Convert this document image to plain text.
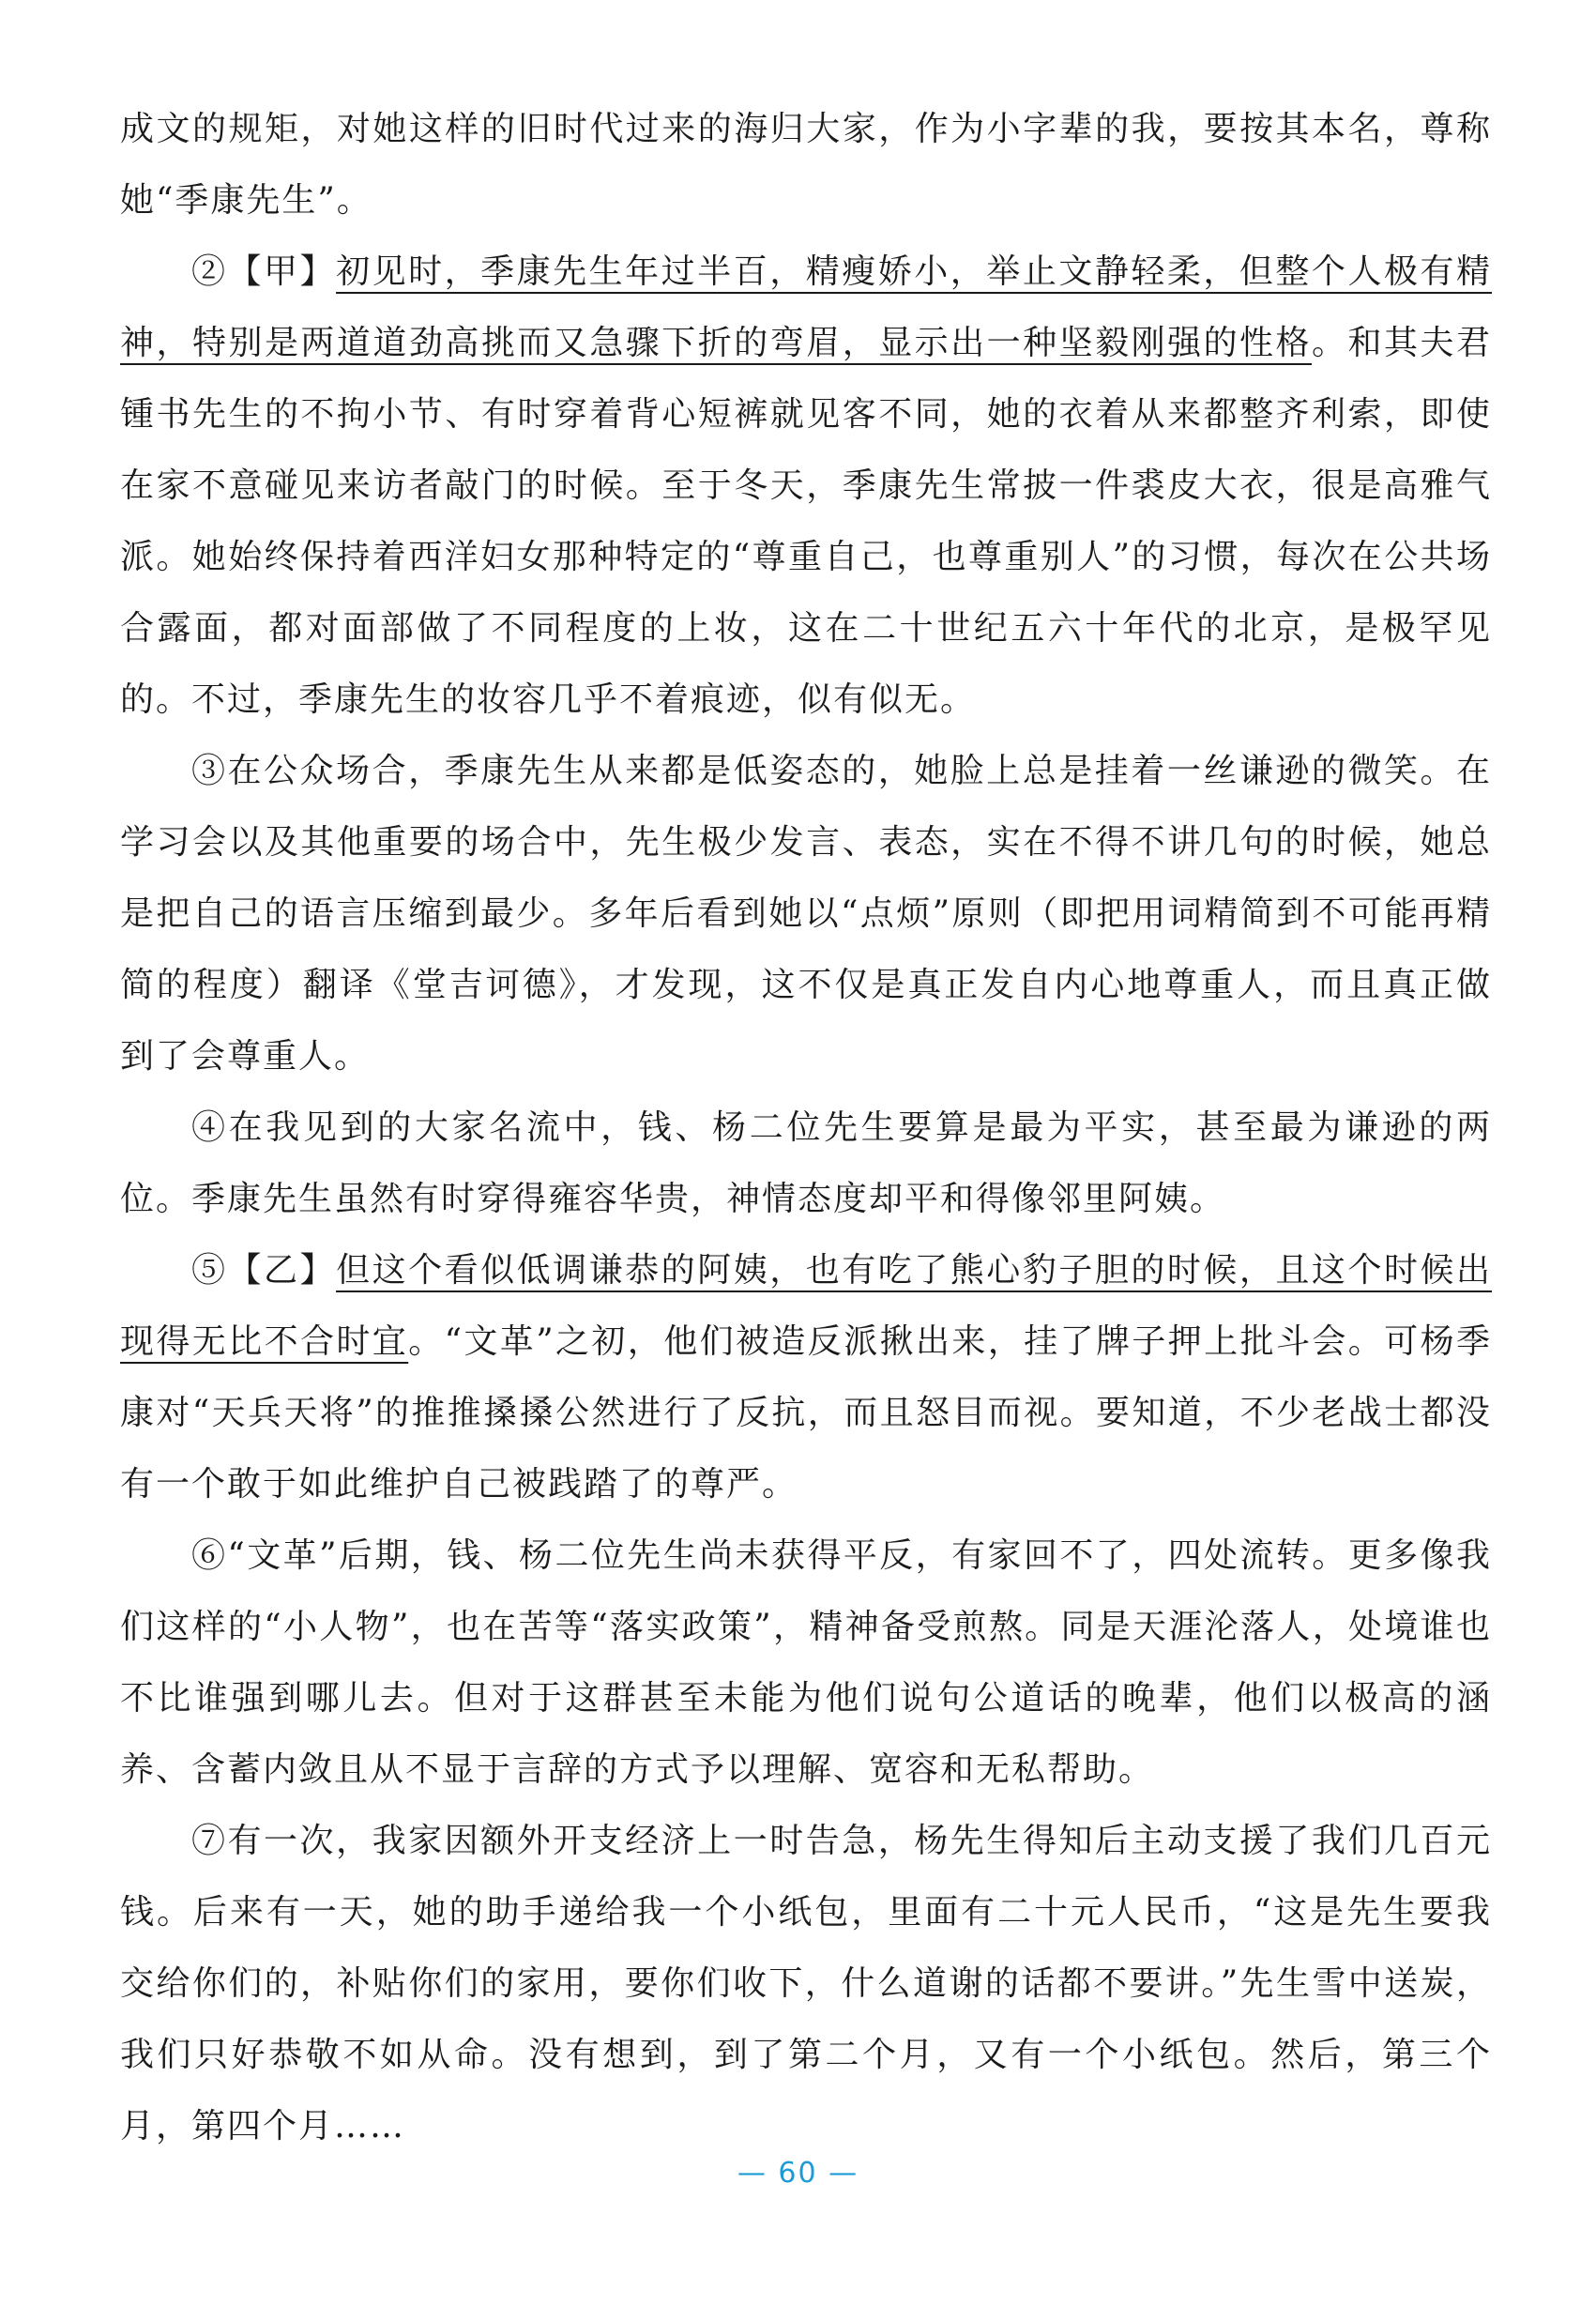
成文的规矩，对她这样的旧时代过来的海归大家，作为小字辈的我，要按其本名，尊称她“季康先生”。

②【甲】初见时，季康先生年过半百，精瘦娇小，举止文静轻柔，但整个人极有精神，特别是两道道劲高挑而又急骤下折的弯眉，显示出一种坚毅刚强的性格。和其夫君锺书先生的不拘小节、有时穿着背心短裤就见客不同，她的衣着从来都整齐利索，即使在家不意碰见来访者敲门的时候。至于冬天，季康先生常披一件裘皮大衣，很是高雅气派。她始终保持着西洋妇女那种特定的“尊重自己，也尊重别人”的习惯，每次在公共场合露面，都对面部做了不同程度的上妆，这在二十世纪五六十年代的北京，是极罕见的。不过，季康先生的妆容几乎不着痕迹，似有似无。

③在公众场合，季康先生从来都是低姿态的，她脸上总是挂着一丝谦逊的微笑。在学习会以及其他重要的场合中，先生极少发言、表态，实在不得不讲几句的时候，她总是把自己的语言压缩到最少。多年后看到她以“点烦”原则（即把用词精简到不可能再精简的程度）翻译《堂吉诃德》，才发现，这不仅是真正发自内心地尊重人，而且真正做到了会尊重人。

④在我见到的大家名流中，钱、杨二位先生要算是最为平实，甚至最为谦逊的两位。季康先生虽然有时穿得雍容华贵，神情态度却平和得像邻里阿姨。

⑤【乙】但这个看似低调谦恭的阿姨，也有吃了熊心豹子胆的时候，且这个时候出现得无比不合时宜。“文革”之初，他们被造反派揪出来，挂了牌子押上批斗会。可杨季康对“天兵天将”的推推搡搡公然进行了反抗，而且怒目而视。要知道，不少老战士都没有一个敢于如此维护自己被践踏了的尊严。

⑥“文革”后期，钱、杨二位先生尚未获得平反，有家回不了，四处流转。更多像我们这样的“小人物”，也在苦等“落实政策”，精神备受煎熬。同是天涯沦落人，处境谁也不比谁强到哪儿去。但对于这群甚至未能为他们说句公道话的晚辈，他们以极高的涵养、含蓄内敛且从不显于言辞的方式予以理解、宽容和无私帮助。

⑦有一次，我家因额外开支经济上一时告急，杨先生得知后主动支援了我们几百元钱。后来有一天，她的助手递给我一个小纸包，里面有二十元人民币，“这是先生要我交给你们的，补贴你们的家用，要你们收下，什么道谢的话都不要讲。”先生雪中送炭，我们只好恭敬不如从命。没有想到，到了第二个月，又有一个小纸包。然后，第三个月，第四个月……

— 60 —
